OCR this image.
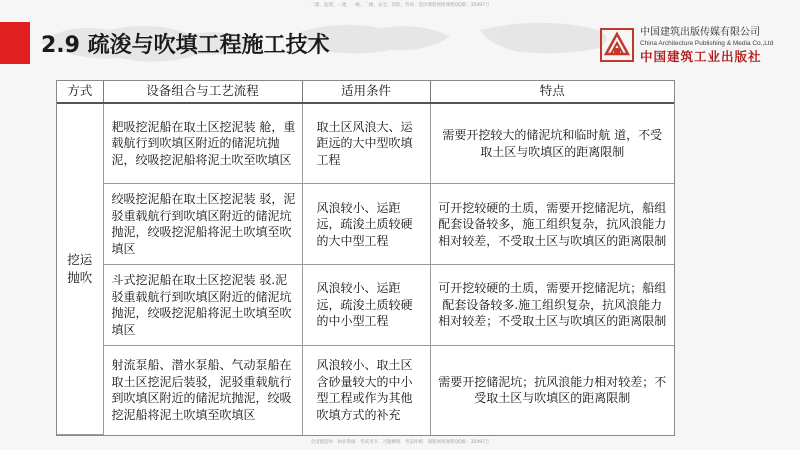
二建、监理、一建、一级、二级、安全、消防、咨询、造价课程网络课程QQ群：35497万
2.9 疏浚与吹填工程施工技术
中国建筑出版传媒有限公司
China Architecture Publishing & Media Co.,Ltd
中国建筑工业出版社
方式	设备组合与工艺流程	适用条件	特点
挖运抛吹	耙吸挖泥船在取土区挖泥装 舱，重载航行到吹填区附近的储泥坑抛泥，绞吸挖泥船将泥土吹至吹填区	取土区风浪大、运距远的大中型吹填工程	需要开挖较大的储泥坑和临时航 道，不受取土区与吹填区的距离限制
	绞吸挖泥船在取土区挖泥装 驳，泥驳重载航行到吹填区附近的储泥坑抛泥，绞吸挖泥船将泥土吹填至吹填区	风浪较小、运距远，疏浚土质较硬的大中型工程	可开挖较硬的土质，需要开挖储泥坑，船组配套设备较多，施工组织复杂，抗风浪能力相对较差，不受取土区与吹填区的距离限制
	斗式挖泥船在取土区挖泥装 驳.泥驳重载航行到吹填区附近的储泥坑抛泥，绞吸挖泥船将泥土吹填至吹填区	风浪较小、运距远，疏浚土质较硬的中小型工程	可开挖较硬的土质，需要开挖储泥坑；船组配套设备较多.施工组织复杂，抗风浪能力相对较差；不受取土区与吹填区的距离限制
	射流泵船、潜水泵船、气动泵船在取土区挖泥后装驳，泥驳重载航行到吹填区附近的储泥坑抛泥，绞吸挖泥船将泥土吹填至吹填区	风浪较小、取土区含砂量较大的中小型工程或作为其他吹填方式的补充	需要开挖储泥坑；抗风浪能力相对较差；不受取土区与吹填区的距离限制
全国建造师　执业资格　考试用书　习题精练　考前冲刺　课程网络课程QQ群：35497万
